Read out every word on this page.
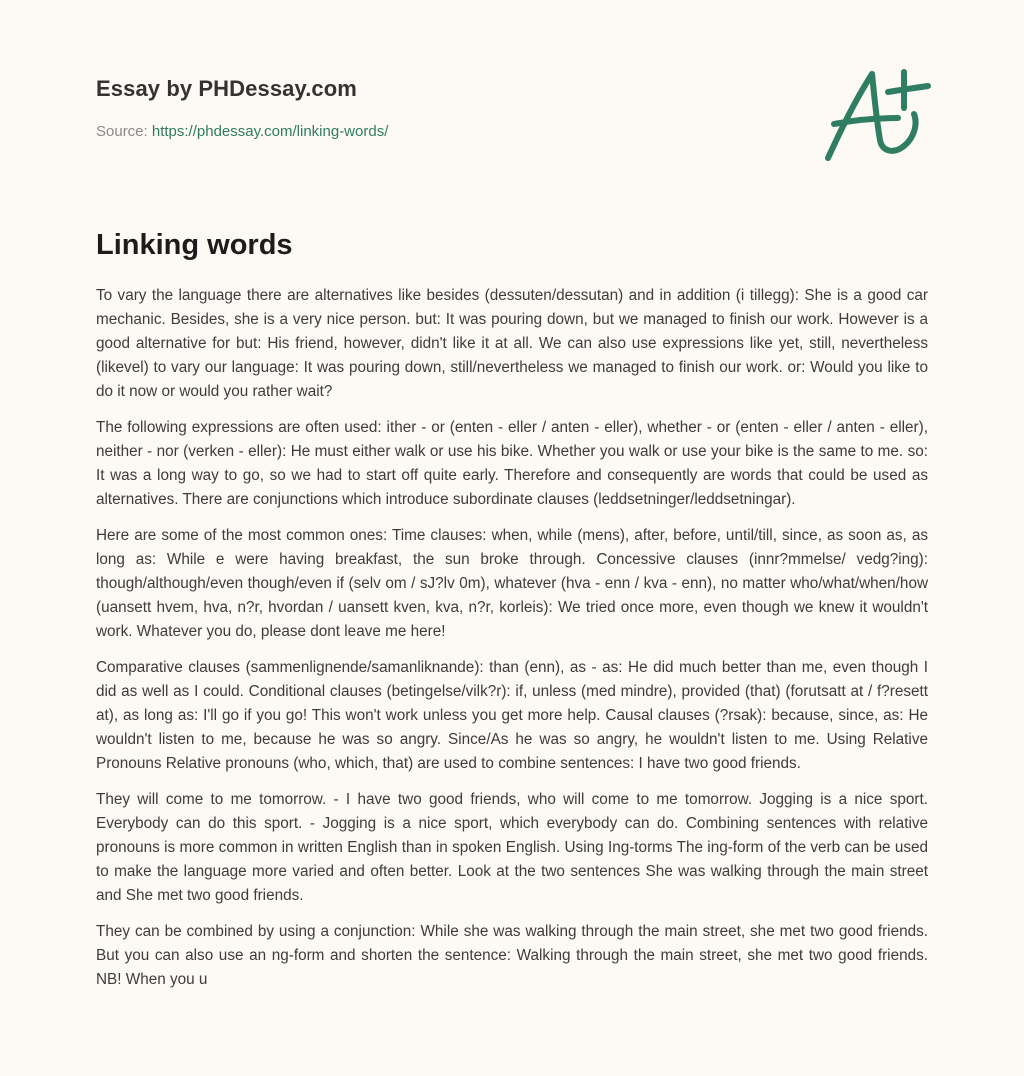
Essay by PHDessay.com
Source: https://phdessay.com/linking-words/
Linking words

To vary the language there are alternatives like besides (dessuten/dessutan) and in addition (i tillegg): She is a good car mechanic. Besides, she is a very nice person. but: It was pouring down, but we managed to finish our work. However is a good alternative for but: His friend, however, didn't like it at all. We can also use expressions like yet, still, nevertheless (likevel) to vary our language: It was pouring down, still/nevertheless we managed to finish our work. or: Would you like to do it now or would you rather wait?

The following expressions are often used: ither - or (enten - eller / anten - eller), whether - or (enten - eller / anten - eller), neither - nor (verken - eller): He must either walk or use his bike. Whether you walk or use your bike is the same to me. so: It was a long way to go, so we had to start off quite early. Therefore and consequently are words that could be used as alternatives. There are conjunctions which introduce subordinate clauses (leddsetninger/leddsetningar).

Here are some of the most common ones: Time clauses: when, while (mens), after, before, until/till, since, as soon as, as long as: While e were having breakfast, the sun broke through. Concessive clauses (innr?mmelse/ vedg?ing): though/although/even though/even if (selv om / sJ?lv 0m), whatever (hva - enn / kva - enn), no matter who/what/when/how (uansett hvem, hva, n?r, hvordan / uansett kven, kva, n?r, korleis): We tried once more, even though we knew it wouldn't work. Whatever you do, please dont leave me here!

Comparative clauses (sammenlignende/samanliknande): than (enn), as - as: He did much better than me, even though I did as well as I could. Conditional clauses (betingelse/vilk?r): if, unless (med mindre), provided (that) (forutsatt at / f?resett at), as long as: I'll go if you go! This won't work unless you get more help. Causal clauses (?rsak): because, since, as: He wouldn't listen to me, because he was so angry. Since/As he was so angry, he wouldn't listen to me. Using Relative Pronouns Relative pronouns (who, which, that) are used to combine sentences: I have two good friends.

They will come to me tomorrow. - I have two good friends, who will come to me tomorrow. Jogging is a nice sport. Everybody can do this sport. - Jogging is a nice sport, which everybody can do. Combining sentences with relative pronouns is more common in written English than in spoken English. Using Ing-torms The ing-form of the verb can be used to make the language more varied and often better. Look at the two sentences She was walking through the main street and She met two good friends.

They can be combined by using a conjunction: While she was walking through the main street, she met two good friends. But you can also use an ng-form and shorten the sentence: Walking through the main street, she met two good friends. NB! When you u
